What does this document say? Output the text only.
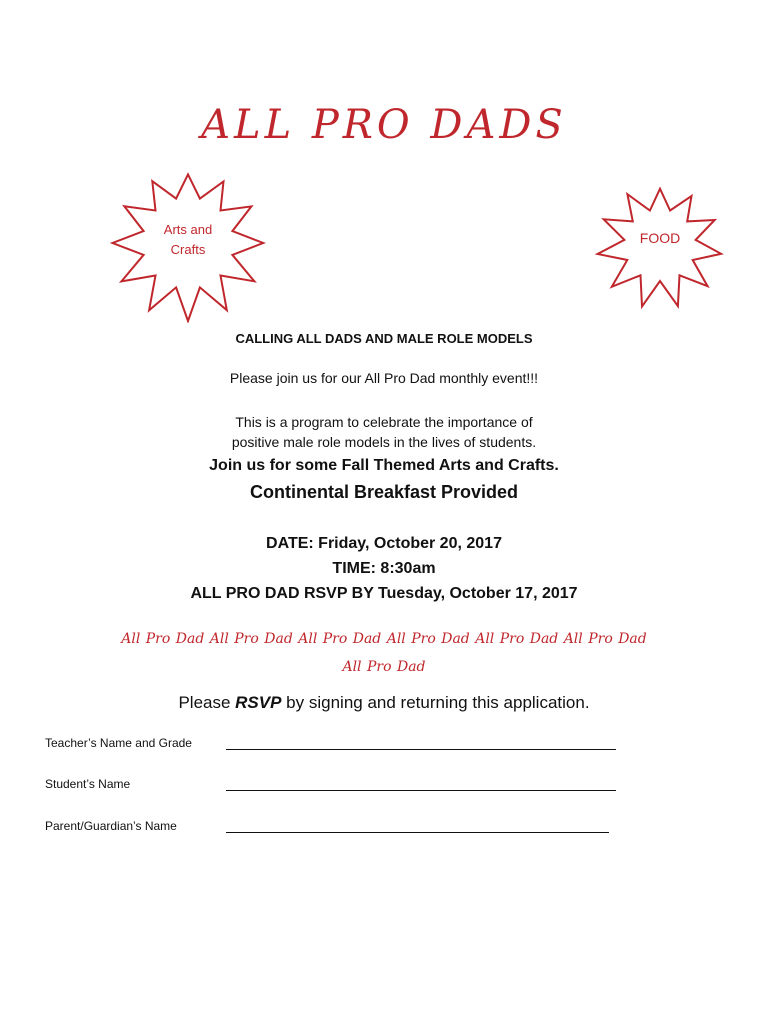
ALL PRO DADS
Arts and
Crafts
FOOD

CALLING ALL DADS AND MALE ROLE MODELS

Please join us for our All Pro Dad monthly event!!!

This is a program to celebrate the importance of

positive male role models in the lives of students.

Join us for some Fall Themed Arts and Crafts.

Continental Breakfast Provided

DATE: Friday, October 20, 2017

TIME: 8:30am

ALL PRO DAD RSVP BY Tuesday, October 17, 2017

All Pro Dad All Pro Dad All Pro Dad All Pro Dad All Pro Dad All Pro Dad
All Pro Dad

Please RSVP by signing and returning this application.

Teacher’s Name and Grade
Student’s Name
Parent/Guardian’s Name
